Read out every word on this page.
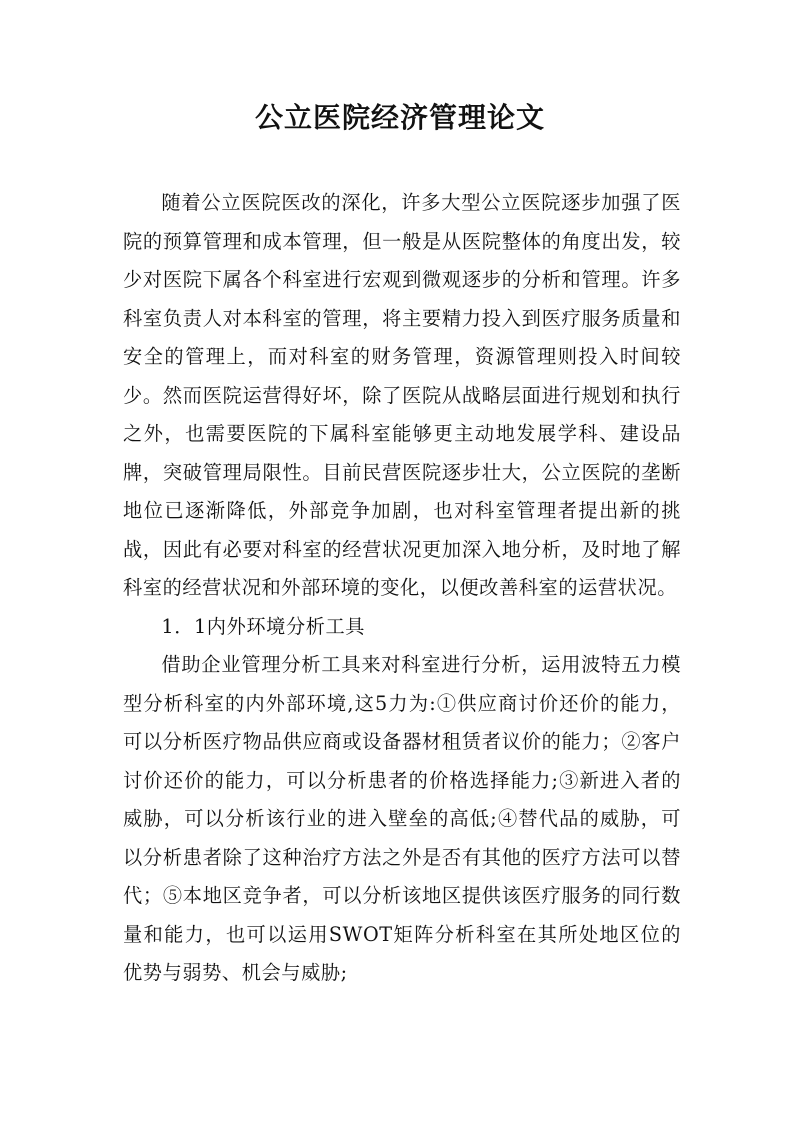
公立医院经济管理论文

随着公立医院医改的深化，许多大型公立医院逐步加强了医院的预算管理和成本管理，但一般是从医院整体的角度出发，较少对医院下属各个科室进行宏观到微观逐步的分析和管理。许多科室负责人对本科室的管理，将主要精力投入到医疗服务质量和安全的管理上，而对科室的财务管理，资源管理则投入时间较少。然而医院运营得好坏，除了医院从战略层面进行规划和执行之外，也需要医院的下属科室能够更主动地发展学科、建设品牌，突破管理局限性。目前民营医院逐步壮大，公立医院的垄断地位已逐渐降低，外部竞争加剧，也对科室管理者提出新的挑战，因此有必要对科室的经营状况更加深入地分析，及时地了解科室的经营状况和外部环境的变化，以便改善科室的运营状况。

1．1内外环境分析工具

借助企业管理分析工具来对科室进行分析，运用波特五力模型分析科室的内外部环境,这5力为:①供应商讨价还价的能力，可以分析医疗物品供应商或设备器材租赁者议价的能力；②客户讨价还价的能力，可以分析患者的价格选择能力;③新进入者的威胁，可以分析该行业的进入壁垒的高低;④替代品的威胁，可以分析患者除了这种治疗方法之外是否有其他的医疗方法可以替代；⑤本地区竞争者，可以分析该地区提供该医疗服务的同行数量和能力，也可以运用SWOT矩阵分析科室在其所处地区位的优势与弱势、机会与威胁;
